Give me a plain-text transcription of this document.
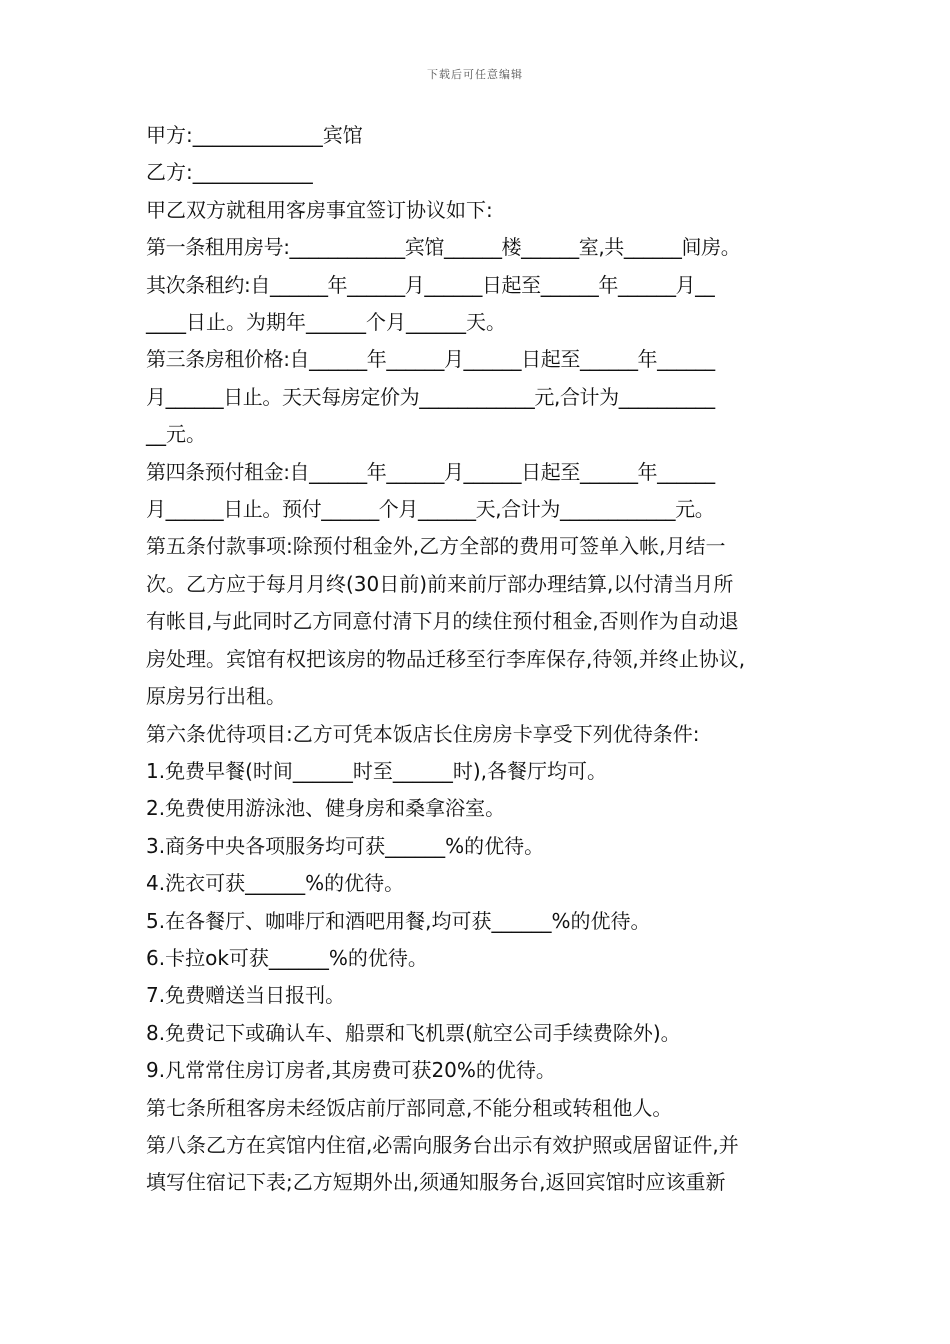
下载后可任意编辑

甲方:_____________宾馆

乙方:____________

甲乙双方就租用客房事宜签订协议如下:

第一条租用房号:____________宾馆______楼______室,共______间房。

其次条租约:自______年______月______日起至______年______月__

____日止。为期年______个月______天。

第三条房租价格:自______年______月______日起至______年______

月______日止。天天每房定价为____________元,合计为__________

__元。

第四条预付租金:自______年______月______日起至______年______

月______日止。预付______个月______天,合计为____________元。

第五条付款事项:除预付租金外,乙方全部的费用可签单入帐,月结一

次。乙方应于每月月终(30日前)前来前厅部办理结算,以付清当月所

有帐目,与此同时乙方同意付清下月的续住预付租金,否则作为自动退

房处理。宾馆有权把该房的物品迁移至行李库保存,待领,并终止协议,

原房另行出租。

第六条优待项目:乙方可凭本饭店长住房房卡享受下列优待条件:

1.免费早餐(时间______时至______时),各餐厅均可。

2.免费使用游泳池、健身房和桑拿浴室。

3.商务中央各项服务均可获______%的优待。

4.洗衣可获______%的优待。

5.在各餐厅、咖啡厅和酒吧用餐,均可获______%的优待。

6.卡拉ok可获______%的优待。

7.免费赠送当日报刊。

8.免费记下或确认车、船票和飞机票(航空公司手续费除外)。

9.凡常常住房订房者,其房费可获20%的优待。

第七条所租客房未经饭店前厅部同意,不能分租或转租他人。

第八条乙方在宾馆内住宿,必需向服务台出示有效护照或居留证件,并

填写住宿记下表;乙方短期外出,须通知服务台,返回宾馆时应该重新
